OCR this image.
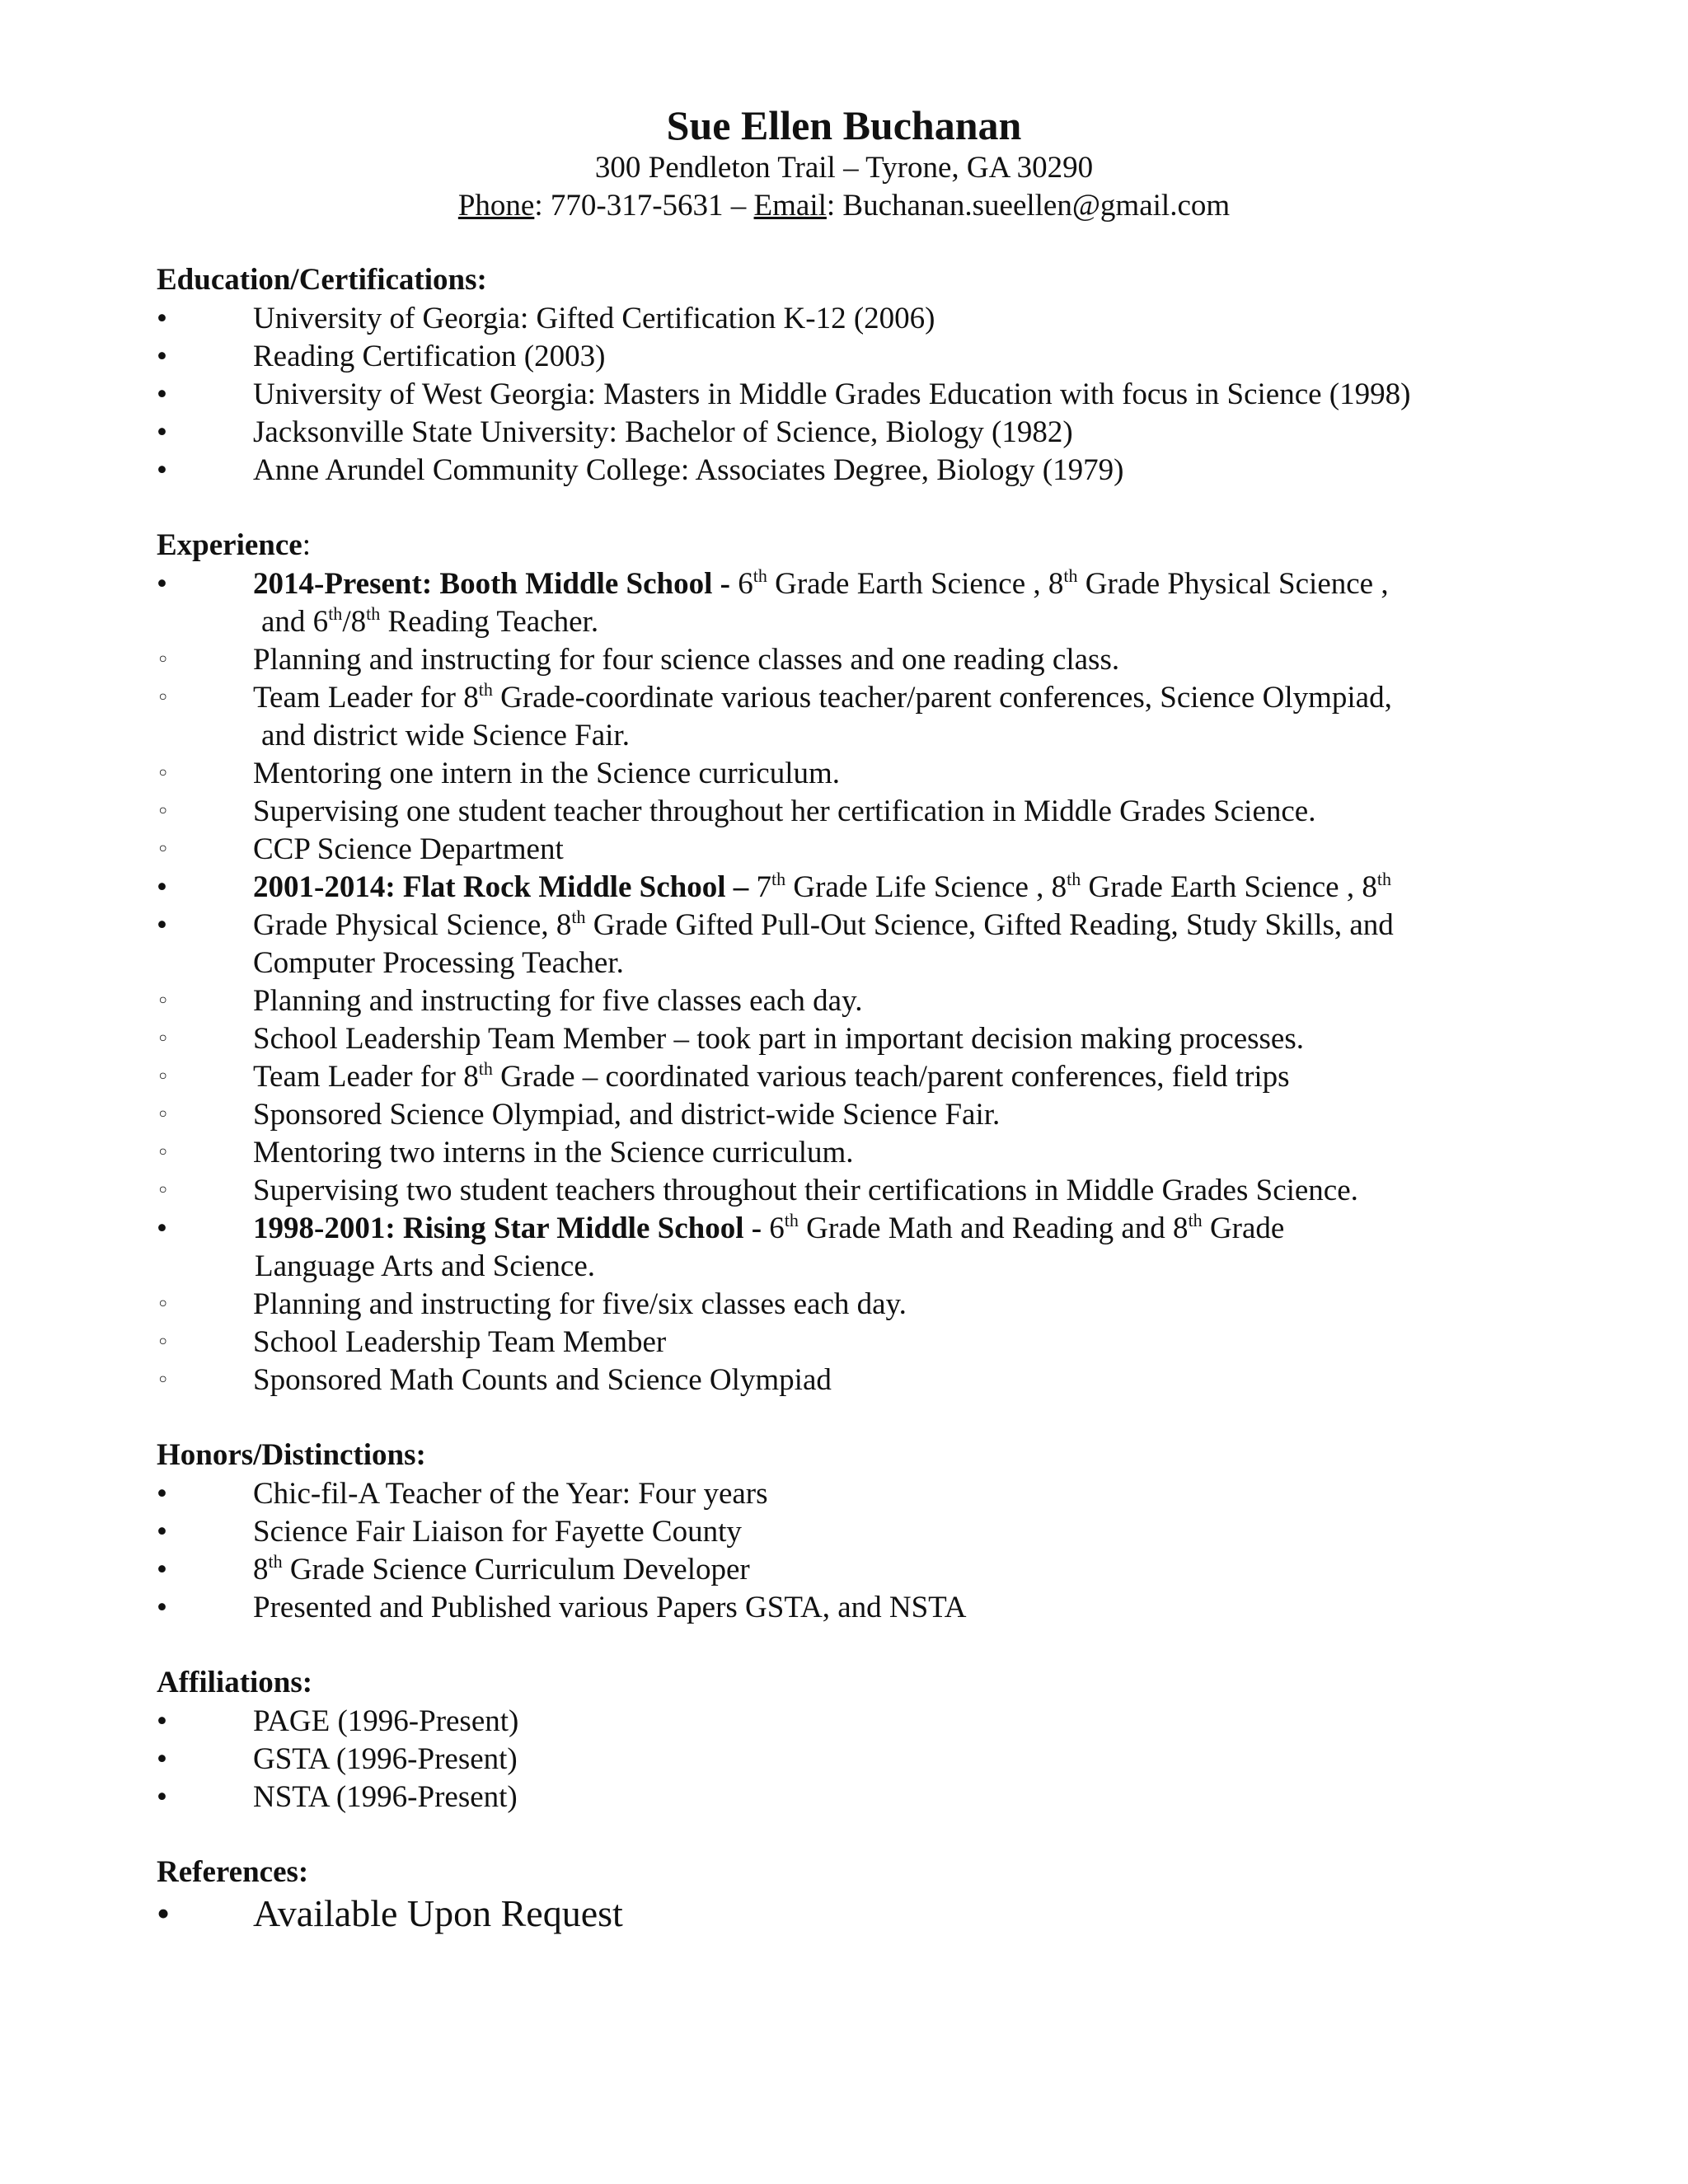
Sue Ellen Buchanan
300 Pendleton Trail – Tyrone, GA 30290
Phone: 770-317-5631 – Email: Buchanan.sueellen@gmail.com
Education/Certifications:
•	University of Georgia: Gifted Certification K-12 (2006)
•	Reading Certification (2003)
•	University of West Georgia: Masters in Middle Grades Education with focus in Science (1998)
•	Jacksonville State University: Bachelor of Science, Biology (1982)
•	Anne Arundel Community College: Associates Degree, Biology (1979)
Experience:
•	2014-Present: Booth Middle School - 6th Grade Earth Science , 8th Grade Physical Science ,
and 6th/8th Reading Teacher.
◦	Planning and instructing for four science classes and one reading class.
◦	Team Leader for 8th Grade-coordinate various teacher/parent conferences, Science Olympiad,
and district wide Science Fair.
◦	Mentoring one intern in the Science curriculum.
◦	Supervising one student teacher throughout her certification in Middle Grades Science.
◦	CCP Science Department
•	2001-2014: Flat Rock Middle School – 7th Grade Life Science , 8th Grade Earth Science , 8th
•	Grade Physical Science, 8th Grade Gifted Pull-Out Science, Gifted Reading, Study Skills, and
Computer Processing Teacher.
◦	Planning and instructing for five classes each day.
◦	School Leadership Team Member – took part in important decision making processes.
◦	Team Leader for 8th Grade – coordinated various teach/parent conferences, field trips
◦	Sponsored Science Olympiad, and district-wide Science Fair.
◦	Mentoring two interns in the Science curriculum.
◦	Supervising two student teachers throughout their certifications in Middle Grades Science.
•	1998-2001: Rising Star Middle School - 6th Grade Math and Reading and 8th Grade
Language Arts and Science.
◦	Planning and instructing for five/six classes each day.
◦	School Leadership Team Member
◦	Sponsored Math Counts and Science Olympiad
Honors/Distinctions:
•	Chic-fil-A Teacher of the Year: Four years
•	Science Fair Liaison for Fayette County
•	8th Grade Science Curriculum Developer
•	Presented and Published various Papers GSTA, and NSTA
Affiliations:
•	PAGE (1996-Present)
•	GSTA (1996-Present)
•	NSTA (1996-Present)
References:
•	Available Upon Request
